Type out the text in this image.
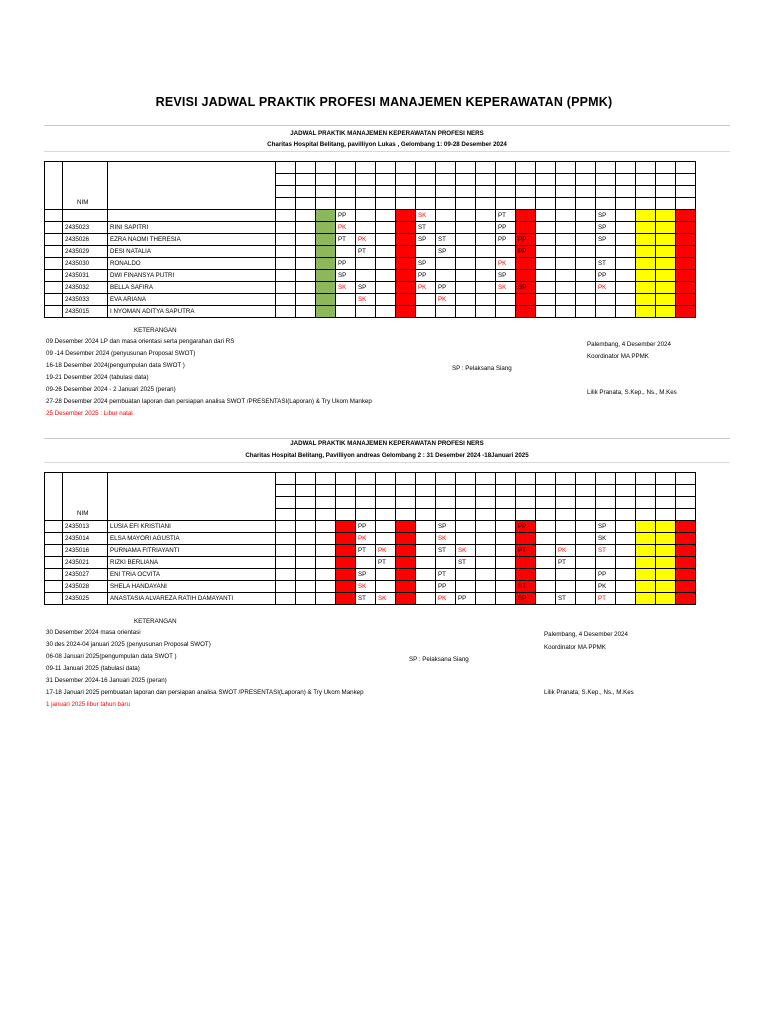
REVISI JADWAL PRAKTIK PROFESI MANAJEMEN KEPERAWATAN (PPMK)
JADWAL PRAKTIK MANAJEMEN KEPERAWATAN PROFESI NERS
Charitas Hospital Belitang, pavilliyon Lukas , Gelombang 1: 09-28 Desember 2024

	NIM																						
						PP				SK				PT					SP				
	2435023	RINI SAPITRI				PK				ST				PP					SP				
	2435026	EZRA NAOMI THERESIA				PT	PK			SP	ST			PP	PP				SP				
	2435029	DESI NATALIA					PT				SP				PP								
	2435030	RONALDO				PP				SP				PK					ST				
	2435031	DWI FINANSYA PUTRI				SP				PP				SP					PP				
	2435032	BELLA SAFIRA				SK	SP			PK	PP			SK	SP				PK				
	2435033	EVA ARIANA					SK				PK				SK								
	2435015	I NYOMAN ADITYA SAPUTRA																					
KETERANGAN
09 Desember 2024 LP dan masa orientasi serta pengarahan dari RS
09 -14 Desember 2024 (penyusunan Proposal SWOT)
16-18 Desember 2024(pengumpulan data SWOT )
19-21 Desember 2024 (tabulasi data)
09-26 Desember 2024 - 2 Januari 2025 (peran)
27-28 Desember 2024 pembuatan laporan dan persiapan analisa SWOT /PRESENTASI(Laporan) & Try Ukom Mankep
25 Desember 2025 : Libur natal
Palembang, 4 Desember 2024
Koordinator MA PPMK
SP : Pelaksana Siang
Lilik Pranata, S.Kep., Ns., M.Kes
JADWAL PRAKTIK MANAJEMEN KEPERAWATAN PROFESI NERS
Charitas Hospital Belitang, Pavilliyon andreas Gelombang 2 : 31 Desember 2024 -18Januari 2025

	NIM																						
	2435013	LUSIA EFI KRISTIANI					PP				SP				PP				SP				
	2435014	ELSA MAYORI AGUSTIA					PK				SK				PK				SK				
	2435016	PURNAMA FITRIAYANTI					PT	PK			ST	SK			PT		PK		ST				
	2435021	RIZKI BERLIANA						PT				ST					PT						
	2435027	ENI TRIA OCVITA					SP				PT				SK				PP				
	2435028	SHELA HANDAYANI					SK				PP				ST				PK				
	2435025	ANASTASIA ALVAREZA RATIH DAMAYANTI					ST	SK			PK	PP			SP		ST		PT				
KETERANGAN
30 Desember 2024 masa orientasi
30 des 2024-04 januari 2025 (penyusunan Proposal SWOT)
06-08 Januari 2025(pengumpulan data SWOT )
09-11 Januari 2025 (tabulasi data)
31 Desember 2024-16 Januari 2025 (peran)
17-18 Januari 2025 pembuatan laporan dan persiapan analisa SWOT /PRESENTASI(Laporan) & Try Ukom Mankep
1 januari 2025 libur tahun baru
Palembang, 4 Desember 2024
Koordinator MA PPMK
SP : Pelaksana Siang
Lilik Pranata, S.Kep., Ns., M.Kes
